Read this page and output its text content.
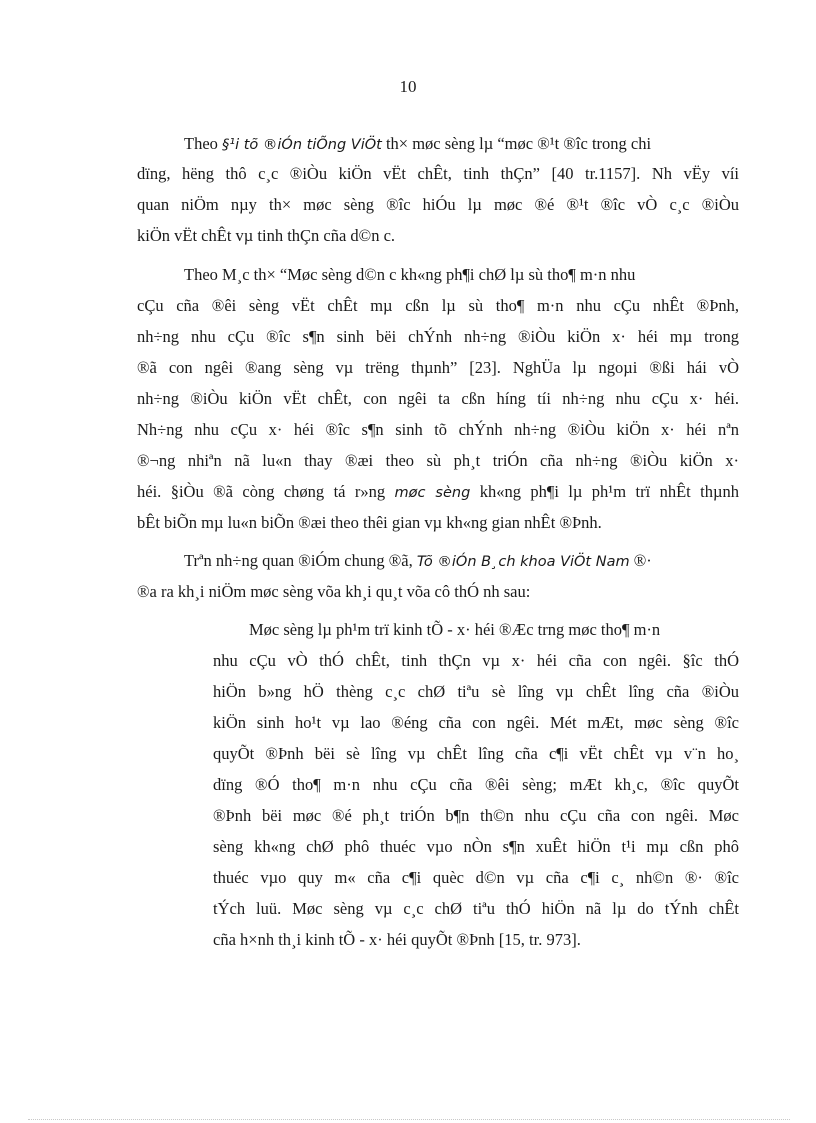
10
Theo §¹i tõ ®iÓn tiÕng ViÖt th× møc sèng lµ “møc ®¹t ®îc trong chi
dïng, hëng thô c¸c ®iÒu kiÖn vËt chÊt, tinh thÇn” [40 tr.1157]. Nh vËy víi
quan niÖm nµy th× møc sèng ®îc hiÓu lµ møc ®é ®¹t ®îc vÒ c¸c ®iÒu
kiÖn vËt chÊt vµ tinh thÇn cña d©n c.
Theo M¸c th× “Møc sèng d©n c kh«ng ph¶i chØ lµ sù tho¶ m·n nhu
cÇu cña ®êi sèng vËt chÊt mµ cßn lµ sù tho¶ m·n nhu cÇu nhÊt ®Þnh,
nh÷ng nhu cÇu ®îc s¶n sinh bëi chÝnh nh÷ng ®iÒu kiÖn x· héi mµ trong
®ã con ngêi ®ang sèng vµ trëng thµnh” [23]. NghÜa lµ ngoµi ®ßi hái vÒ
nh÷ng ®iÒu kiÖn vËt chÊt, con ngêi ta cßn híng tíi nh÷ng nhu cÇu x· héi.
Nh÷ng nhu cÇu x· héi ®îc s¶n sinh tõ chÝnh nh÷ng ®iÒu kiÖn x· héi nªn
®¬ng nhiªn nã lu«n thay ®æi theo sù ph¸t triÓn cña nh÷ng ®iÒu kiÖn x·
héi. §iÒu ®ã còng chøng tá r»ng møc sèng kh«ng ph¶i lµ ph¹m trï nhÊt thµnh
bÊt biÕn mµ lu«n biÕn ®æi theo thêi gian vµ kh«ng gian nhÊt ®Þnh.
Trªn nh÷ng quan ®iÓm chung ®ã, Tõ ®iÓn B¸ch khoa ViÖt Nam ®·
®a ra kh¸i niÖm møc sèng võa kh¸i qu¸t võa cô thÓ nh sau:
Møc sèng lµ ph¹m trï kinh tÕ - x· héi ®Æc trng møc tho¶ m·n
nhu cÇu vÒ thÓ chÊt, tinh thÇn vµ x· héi cña con ngêi. §îc thÓ
hiÖn b»ng hÖ thèng c¸c chØ tiªu sè lîng vµ chÊt lîng cña ®iÒu
kiÖn sinh ho¹t vµ lao ®éng cña con ngêi. Mét mÆt, møc sèng ®îc
quyÕt ®Þnh bëi sè lîng vµ chÊt lîng cña c¶i vËt chÊt vµ v¨n ho¸
dïng ®Ó tho¶ m·n nhu cÇu cña ®êi sèng; mÆt kh¸c, ®îc quyÕt
®Þnh bëi møc ®é ph¸t triÓn b¶n th©n nhu cÇu cña con ngêi. Møc
sèng kh«ng chØ phô thuéc vµo nÒn s¶n xuÊt hiÖn t¹i mµ cßn phô
thuéc vµo quy m« cña c¶i quèc d©n vµ cña c¶i c¸ nh©n ®· ®îc
tÝch luü. Møc sèng vµ c¸c chØ tiªu thÓ hiÖn nã lµ do tÝnh chÊt
cña h×nh th¸i kinh tÕ - x· héi quyÕt ®Þnh [15, tr. 973].
